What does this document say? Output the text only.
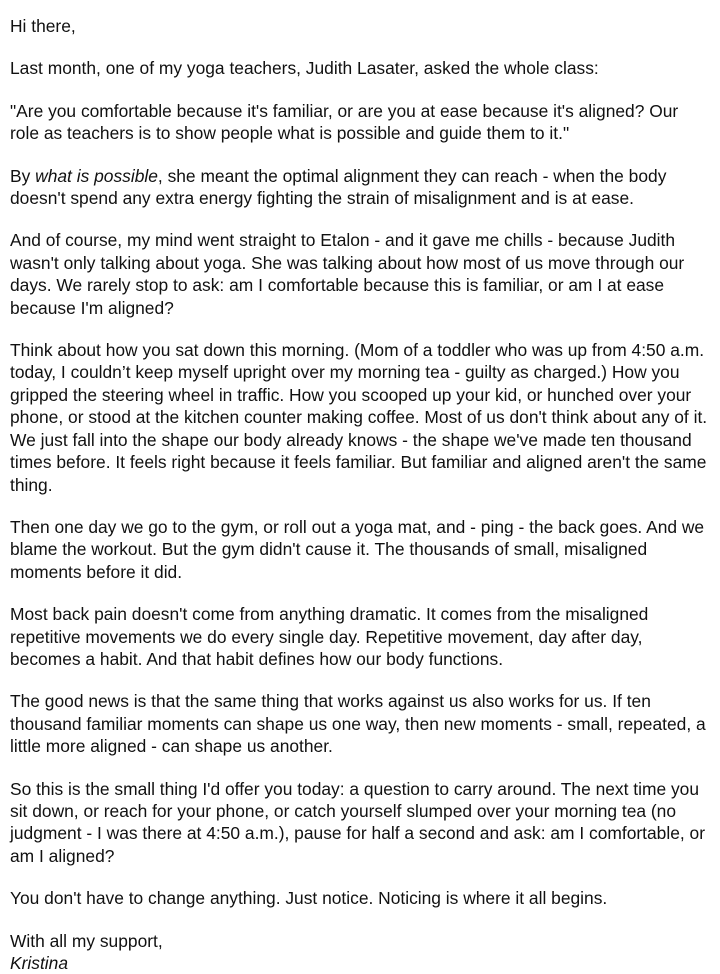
Hi there,

Last month, one of my yoga teachers, Judith Lasater, asked the whole class:

"Are you comfortable because it's familiar, or are you at ease because it's aligned? Our role as teachers is to show people what is possible and guide them to it."

By what is possible, she meant the optimal alignment they can reach - when the body doesn't spend any extra energy fighting the strain of misalignment and is at ease.

And of course, my mind went straight to Etalon - and it gave me chills - because Judith wasn't only talking about yoga. She was talking about how most of us move through our days. We rarely stop to ask: am I comfortable because this is familiar, or am I at ease because I'm aligned?

Think about how you sat down this morning. (Mom of a toddler who was up from 4:50 a.m. today, I couldn’t keep myself upright over my morning tea - guilty as charged.) How you gripped the steering wheel in traffic. How you scooped up your kid, or hunched over your phone, or stood at the kitchen counter making coffee. Most of us don't think about any of it. We just fall into the shape our body already knows - the shape we've made ten thousand times before. It feels right because it feels familiar. But familiar and aligned aren't the same thing.

Then one day we go to the gym, or roll out a yoga mat, and - ping - the back goes. And we blame the workout. But the gym didn't cause it. The thousands of small, misaligned moments before it did.

Most back pain doesn't come from anything dramatic. It comes from the misaligned repetitive movements we do every single day. Repetitive movement, day after day, becomes a habit. And that habit defines how our body functions.

The good news is that the same thing that works against us also works for us. If ten thousand familiar moments can shape us one way, then new moments - small, repeated, a little more aligned - can shape us another.

So this is the small thing I'd offer you today: a question to carry around. The next time you sit down, or reach for your phone, or catch yourself slumped over your morning tea (no judgment - I was there at 4:50 a.m.), pause for half a second and ask: am I comfortable, or am I aligned?

You don't have to change anything. Just notice. Noticing is where it all begins.

With all my support,
Kristina
